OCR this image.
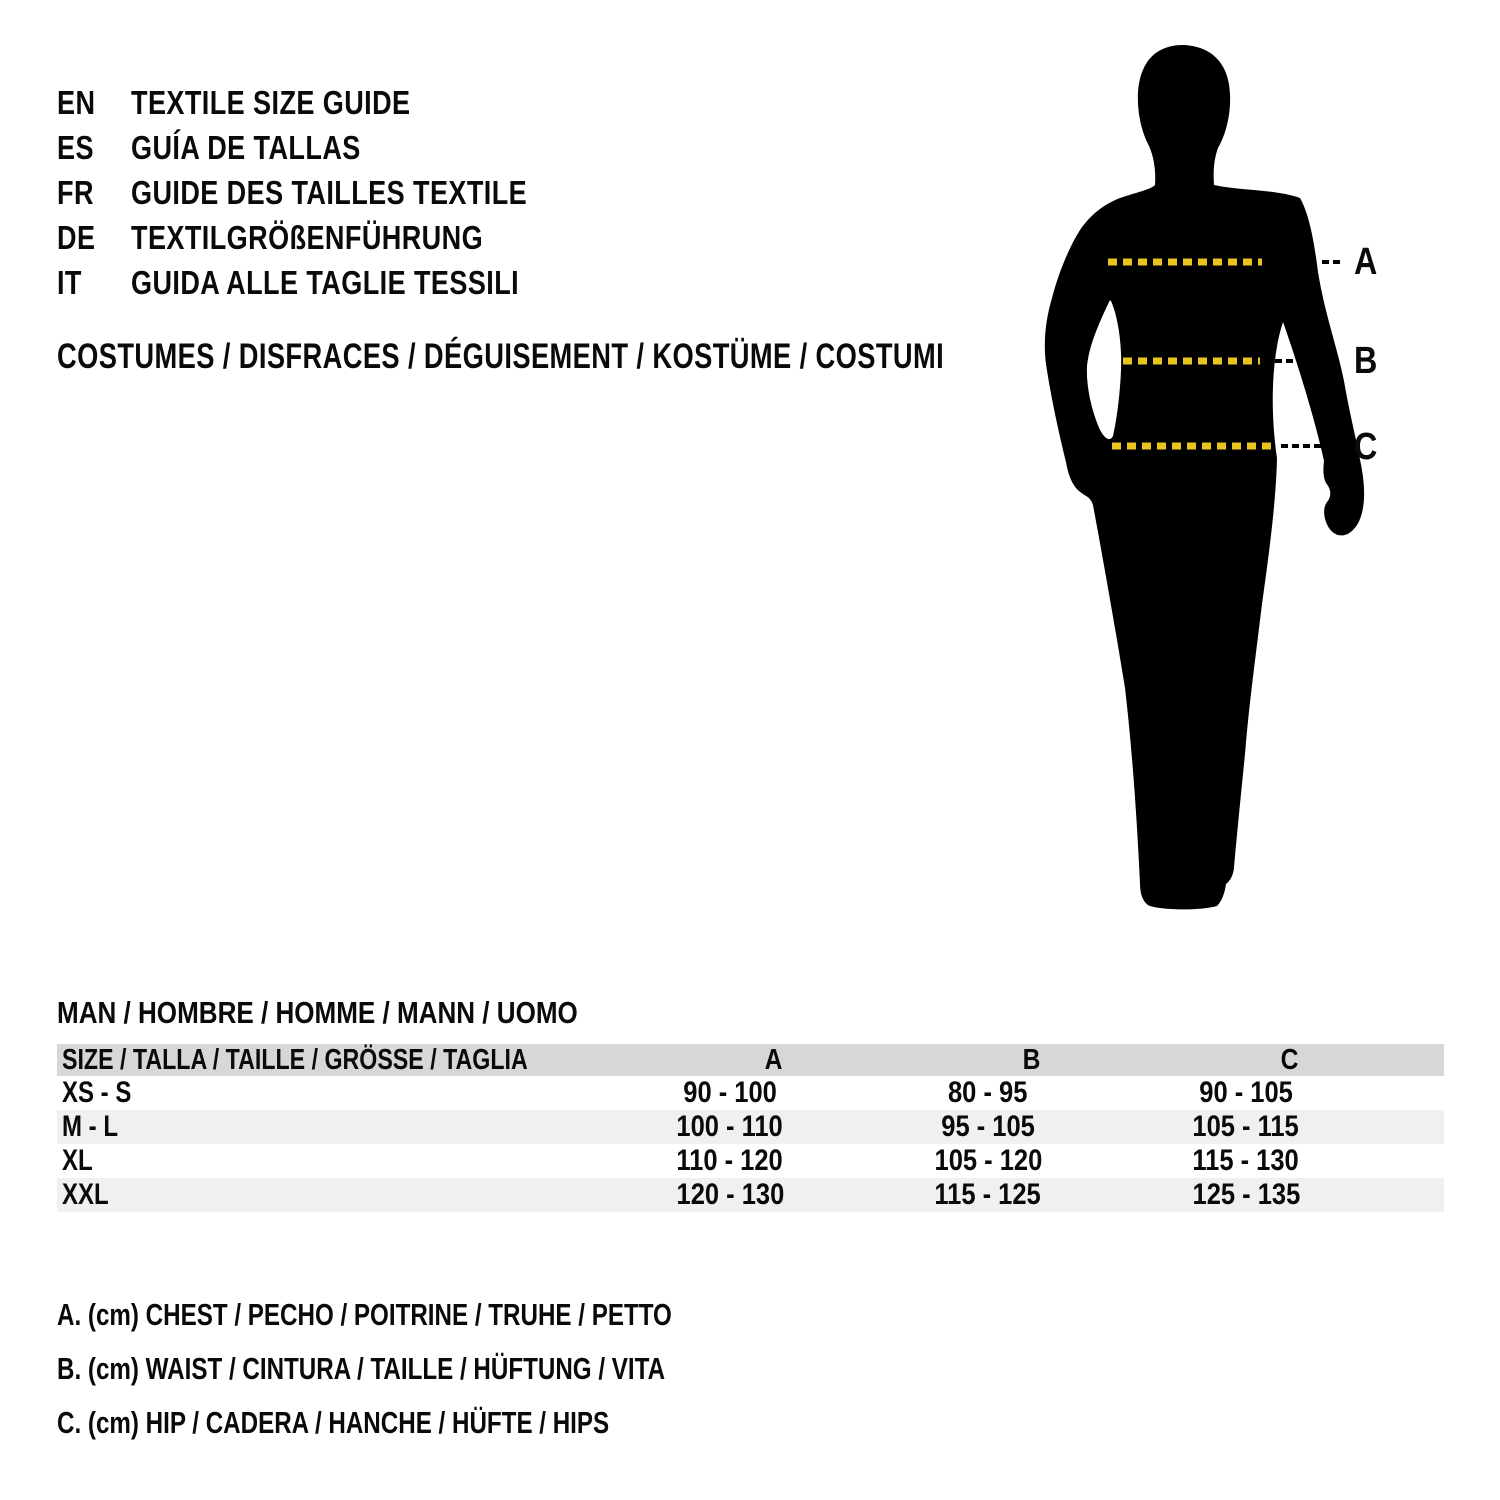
A
B
C
EN	TEXTILE SIZE GUIDE
ES	GUÍA DE TALLAS
FR	GUIDE DES TAILLES TEXTILE
DE	TEXTILGRÖßENFÜHRUNG
IT	GUIDA ALLE TAGLIE TESSILI
COSTUMES / DISFRACES / DÉGUISEMENT / KOSTÜME / COSTUMI
MAN / HOMBRE / HOMME / MANN / UOMO
SIZE / TALLA / TAILLE / GRÖSSE / TAGLIA	A	B	C
XS - S	90 - 100	80 - 95	90 - 105
M - L	100 - 110	95 - 105	105 - 115
XL	110 - 120	105 - 120	115 - 130
XXL	120 - 130	115 - 125	125 - 135
A. (cm) CHEST / PECHO / POITRINE / TRUHE / PETTO
B. (cm) WAIST / CINTURA / TAILLE / HÜFTUNG / VITA
C. (cm) HIP / CADERA / HANCHE / HÜFTE / HIPS
